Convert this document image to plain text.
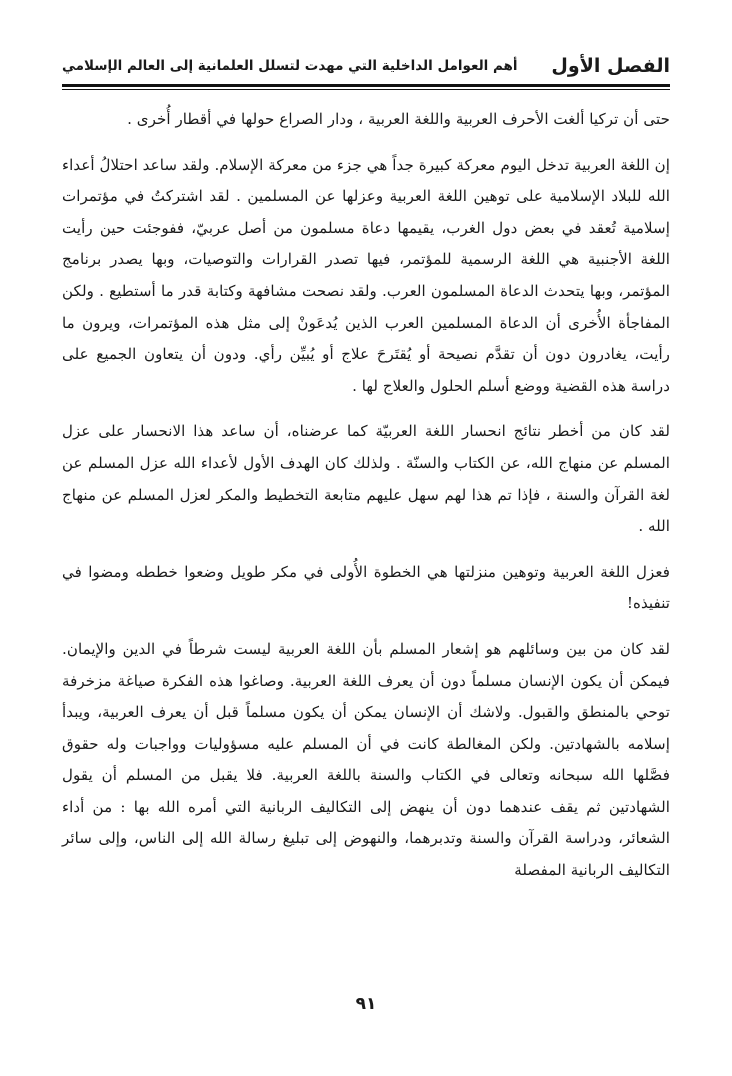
الفصل الأول
أهم العوامل الداخلية التي مهدت لتسلل العلمانية إلى العالم الإسلامي

حتى أن تركيا ألغت الأحرف العربية واللغة العربية ، ودار الصراع حولها في أقطار أُخرى .

إن اللغة العربية تدخل اليوم معركة كبيرة جداً هي جزء من معركة الإسلام. ولقد ساعد احتلالُ أعداء الله للبلاد الإسلامية على توهين اللغة العربية وعزلها عن المسلمين . لقد اشتركتُ في مؤتمرات إسلامية تُعقد في بعض دول الغرب، يقيمها دعاة مسلمون من أصل عربيّ، ففوجئت حين رأيت اللغة الأجنبية هي اللغة الرسمية للمؤتمر، فيها تصدر القرارات والتوصيات، وبها يصدر برنامج المؤتمر، وبها يتحدث الدعاة المسلمون العرب. ولقد نصحت مشافهة وكتابة قدر ما أستطيع . ولكن المفاجأة الأُخرى أن الدعاة المسلمين العرب الذين يُدعَونْ إلى مثل هذه المؤتمرات، ويرون ما رأيت، يغادرون دون أن تقدَّم نصيحة أو يُقتَرحَ علاج أو يُبيِّن رأي. ودون أن يتعاون الجميع على دراسة هذه القضية ووضع أسلم الحلول والعلاج لها .

لقد كان من أخطر نتائج انحسار اللغة العربيّة كما عرضناه، أن ساعد هذا الانحسار على عزل المسلم عن منهاج الله، عن الكتاب والسنّة . ولذلك كان الهدف الأول لأعداء الله عزل المسلم عن لغة القرآن والسنة ، فإذا تم هذا لهم سهل عليهم متابعة التخطيط والمكر لعزل المسلم عن منهاج الله .

فعزل اللغة العربية وتوهين منزلتها هي الخطوة الأُولى في مكر طويل وضعوا خططه ومضوا في تنفيذه!

لقد كان من بين وسائلهم هو إشعار المسلم بأن اللغة العربية ليست شرطاً في الدين والإيمان. فيمكن أن يكون الإنسان مسلماً دون أن يعرف اللغة العربية. وصاغوا هذه الفكرة صياغة مزخرفة توحي بالمنطق والقبول. ولاشك أن الإنسان يمكن أن يكون مسلماً قبل أن يعرف العربية، ويبدأ إسلامه بالشهادتين. ولكن المغالطة كانت في أن المسلم عليه مسؤوليات وواجبات وله حقوق فصَّلها الله سبحانه وتعالى في الكتاب والسنة باللغة العربية. فلا يقبل من المسلم أن يقول الشهادتين ثم يقف عندهما دون أن ينهض إلى التكاليف الربانية التي أمره الله بها : من أداء الشعائر، ودراسة القرآن والسنة وتدبرهما، والنهوض إلى تبليغ رسالة الله إلى الناس، وإلى سائر التكاليف الربانية المفصلة

٩١
